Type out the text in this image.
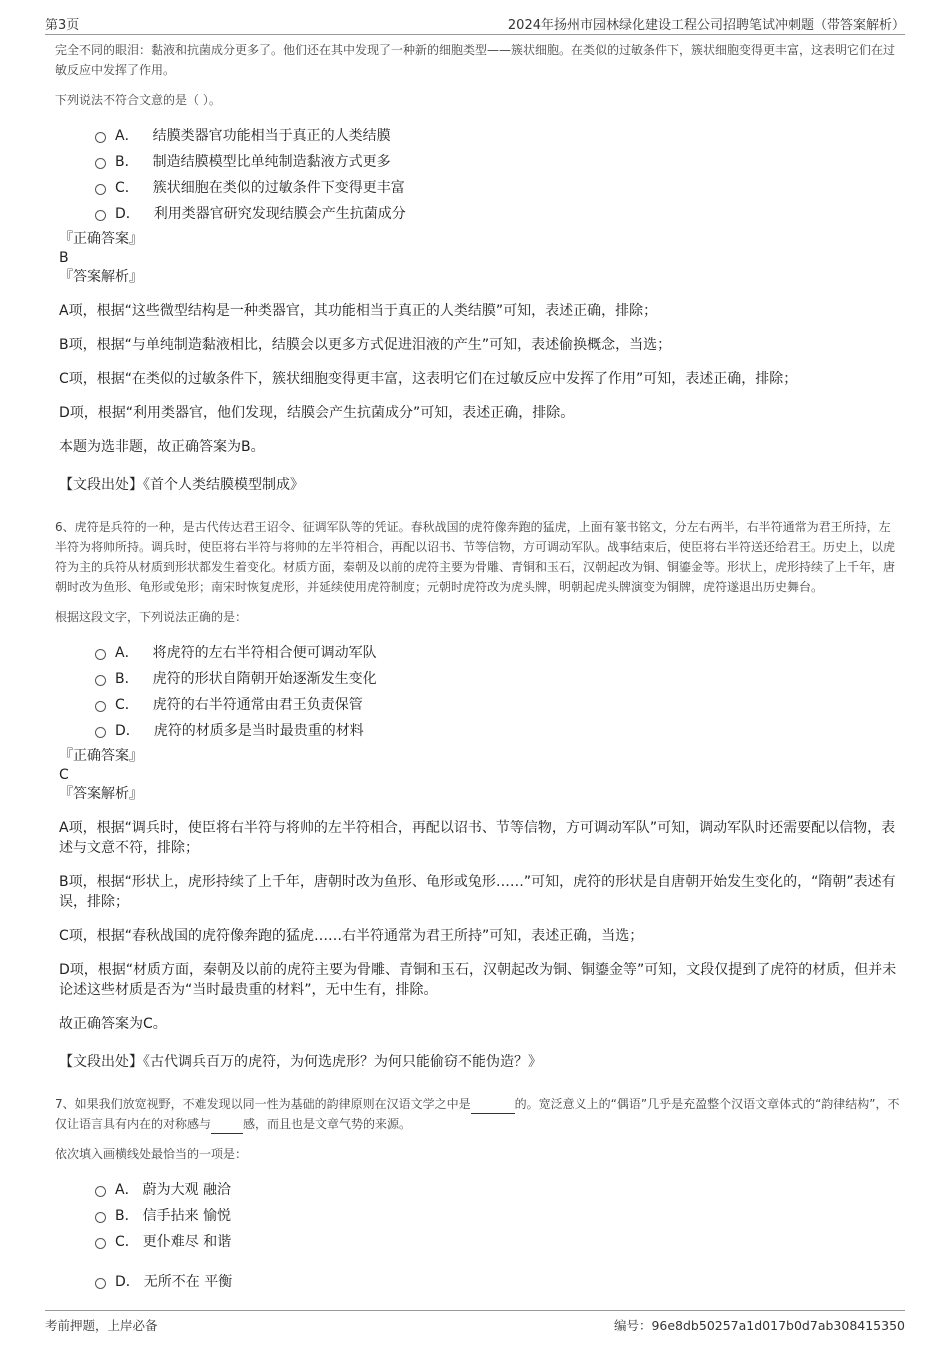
第3页	2024年扬州市园林绿化建设工程公司招聘笔试冲刺题（带答案解析）

完全不同的眼泪：黏液和抗菌成分更多了。他们还在其中发现了一种新的细胞类型——簇状细胞。在类似的过敏条件下，簇状细胞变得更丰富，这表明它们在过敏反应中发挥了作用。

下列说法不符合文意的是（ ）。

A． 结膜类器官功能相当于真正的人类结膜
B． 制造结膜模型比单纯制造黏液方式更多
C． 簇状细胞在类似的过敏条件下变得更丰富
D． 利用类器官研究发现结膜会产生抗菌成分

『正确答案』

B

『答案解析』

A项，根据“这些微型结构是一种类器官，其功能相当于真正的人类结膜”可知，表述正确，排除；

B项，根据“与单纯制造黏液相比，结膜会以更多方式促进泪液的产生”可知，表述偷换概念，当选；

C项，根据“在类似的过敏条件下，簇状细胞变得更丰富，这表明它们在过敏反应中发挥了作用”可知，表述正确，排除；

D项，根据“利用类器官，他们发现，结膜会产生抗菌成分”可知，表述正确，排除。

本题为选非题，故正确答案为B。

【文段出处】《首个人类结膜模型制成》

6、虎符是兵符的一种，是古代传达君王诏令、征调军队等的凭证。春秋战国的虎符像奔跑的猛虎，上面有篆书铭文，分左右两半，右半符通常为君王所持，左半符为将帅所持。调兵时，使臣将右半符与将帅的左半符相合，再配以诏书、节等信物，方可调动军队。战事结束后，使臣将右半符送还给君王。历史上，以虎符为主的兵符从材质到形状都发生着变化。材质方面，秦朝及以前的虎符主要为骨雕、青铜和玉石，汉朝起改为铜、铜鎏金等。形状上，虎形持续了上千年，唐朝时改为鱼形、龟形或兔形；南宋时恢复虎形，并延续使用虎符制度；元朝时虎符改为虎头牌，明朝起虎头牌演变为铜牌，虎符遂退出历史舞台。

根据这段文字，下列说法正确的是：

A． 将虎符的左右半符相合便可调动军队
B． 虎符的形状自隋朝开始逐渐发生变化
C． 虎符的右半符通常由君王负责保管
D． 虎符的材质多是当时最贵重的材料

『正确答案』

C

『答案解析』

A项，根据“调兵时，使臣将右半符与将帅的左半符相合，再配以诏书、节等信物，方可调动军队”可知，调动军队时还需要配以信物，表述与文意不符，排除；

B项，根据“形状上，虎形持续了上千年，唐朝时改为鱼形、龟形或兔形……”可知，虎符的形状是自唐朝开始发生变化的，“隋朝”表述有误，排除；

C项，根据“春秋战国的虎符像奔跑的猛虎……右半符通常为君王所持”可知，表述正确，当选；

D项，根据“材质方面，秦朝及以前的虎符主要为骨雕、青铜和玉石，汉朝起改为铜、铜鎏金等”可知，文段仅提到了虎符的材质，但并未论述这些材质是否为“当时最贵重的材料”，无中生有，排除。

故正确答案为C。

【文段出处】《古代调兵百万的虎符，为何选虎形？为何只能偷窃不能伪造？》

7、如果我们放宽视野，不难发现以同一性为基础的韵律原则在汉语文学之中是	的。宽泛意义上的“偶语”几乎是充盈整个汉语文章体式的“韵律结构”，不仅让语言具有内在的对称感与	感，而且也是文章气势的来源。

依次填入画横线处最恰当的一项是：

A． 蔚为大观 融洽
B． 信手拈来 愉悦
C． 更仆难尽 和谐
D． 无所不在 平衡
考前押题，上岸必备	编号：96e8db50257a1d017b0d7ab308415350
